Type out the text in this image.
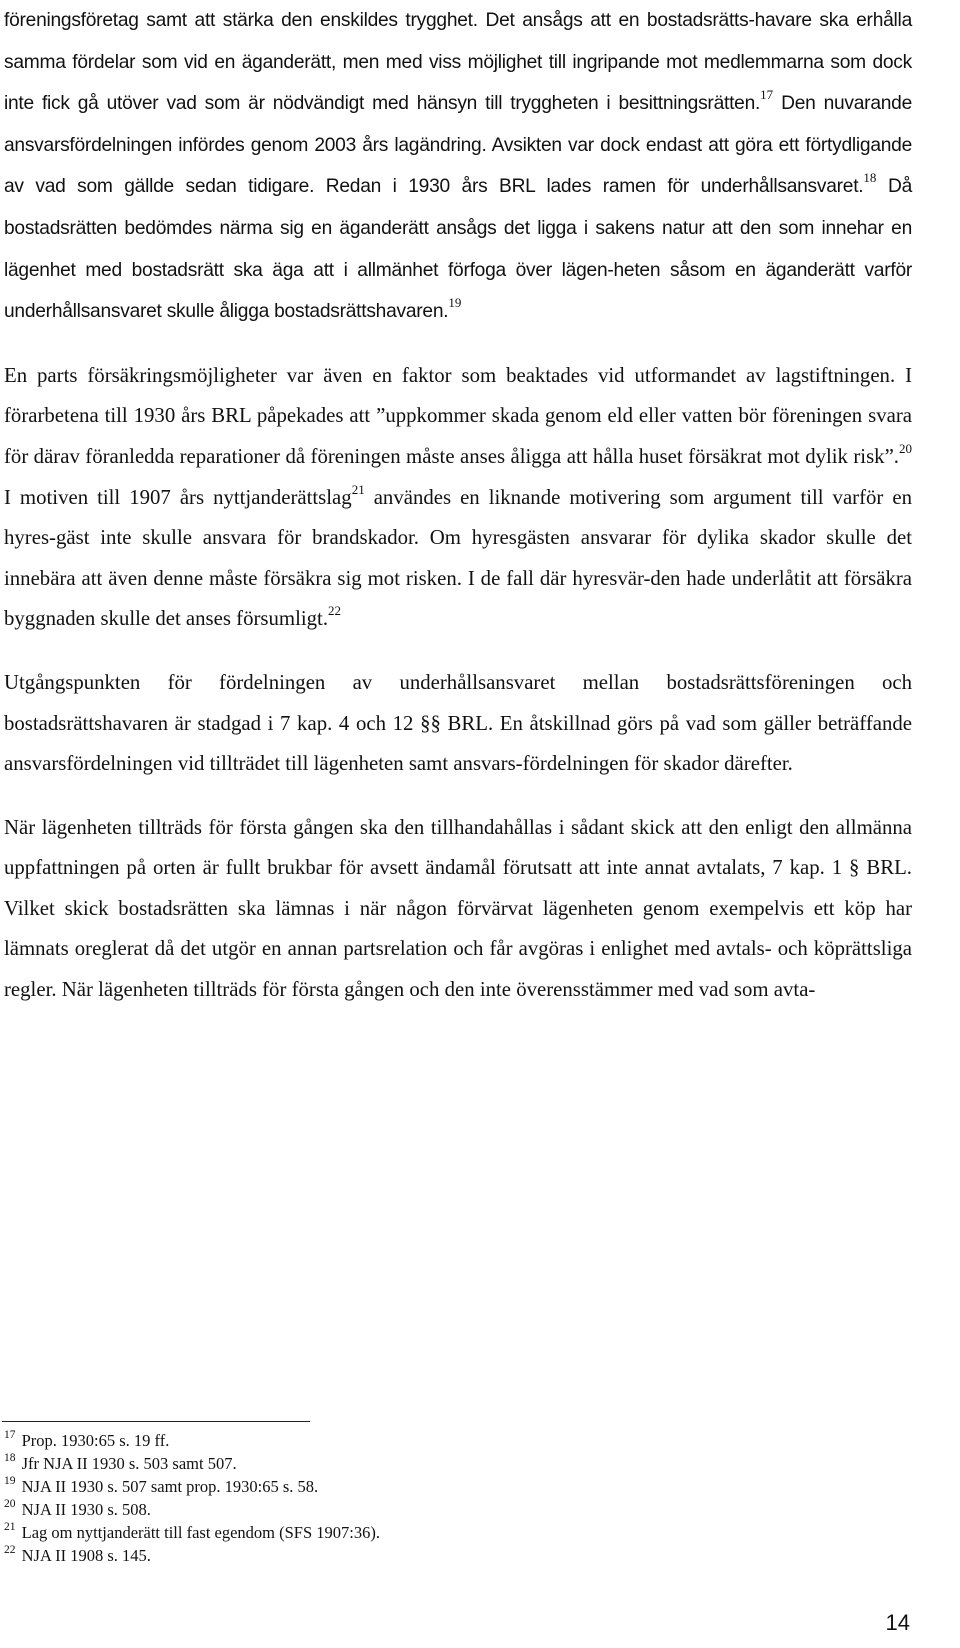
föreningsföretag samt att stärka den enskildes trygghet. Det ansågs att en bostadsrätts-havare ska erhålla samma fördelar som vid en äganderätt, men med viss möjlighet till ingripande mot medlemmarna som dock inte fick gå utöver vad som är nödvändigt med hänsyn till tryggheten i besittningsrätten.$^{17}$ Den nuvarande ansvarsfördelningen infördes genom 2003 års lagändring. Avsikten var dock endast att göra ett förtydligande av vad som gällde sedan tidigare. Redan i 1930 års BRL lades ramen för underhållsansvaret.$^{18}$ Då bostadsrätten bedömdes närma sig en äganderätt ansågs det ligga i sakens natur att den som innehar en lägenhet med bostadsrätt ska äga att i allmänhet förfoga över lägen-heten såsom en äganderätt varför underhållsansvaret skulle åligga bostadsrättshavaren.$^{19}$

En parts försäkringsmöjligheter var även en faktor som beaktades vid utformandet av lagstiftningen. I förarbetena till 1930 års BRL påpekades att ”uppkommer skada genom eld eller vatten bör föreningen svara för därav föranledda reparationer då föreningen måste anses åligga att hålla huset försäkrat mot dylik risk”.$^{20}$ I motiven till 1907 års nyttjanderättslag$^{21}$ användes en liknande motivering som argument till varför en hyres-gäst inte skulle ansvara för brandskador. Om hyresgästen ansvarar för dylika skador skulle det innebära att även denne måste försäkra sig mot risken. I de fall där hyresvär-den hade underlåtit att försäkra byggnaden skulle det anses försumligt.$^{22}$

Utgångspunkten för fördelningen av underhållsansvaret mellan bostadsrättsföreningen och bostadsrättshavaren är stadgad i 7 kap. 4 och 12 §§ BRL. En åtskillnad görs på vad som gäller beträffande ansvarsfördelningen vid tillträdet till lägenheten samt ansvars-fördelningen för skador därefter.

När lägenheten tillträds för första gången ska den tillhandahållas i sådant skick att den enligt den allmänna uppfattningen på orten är fullt brukbar för avsett ändamål förutsatt att inte annat avtalats, 7 kap. 1 § BRL. Vilket skick bostadsrätten ska lämnas i när någon förvärvat lägenheten genom exempelvis ett köp har lämnats oreglerat då det utgör en annan partsrelation och får avgöras i enlighet med avtals- och köprättsliga regler. När lägenheten tillträds för första gången och den inte överensstämmer med vad som avta-

$^{17}$ Prop. 1930:65 s. 19 ff.

$^{18}$ Jfr NJA II 1930 s. 503 samt 507.

$^{19}$ NJA II 1930 s. 507 samt prop. 1930:65 s. 58.

$^{20}$ NJA II 1930 s. 508.

$^{21}$ Lag om nyttjanderätt till fast egendom (SFS 1907:36).

$^{22}$ NJA II 1908 s. 145.

14
